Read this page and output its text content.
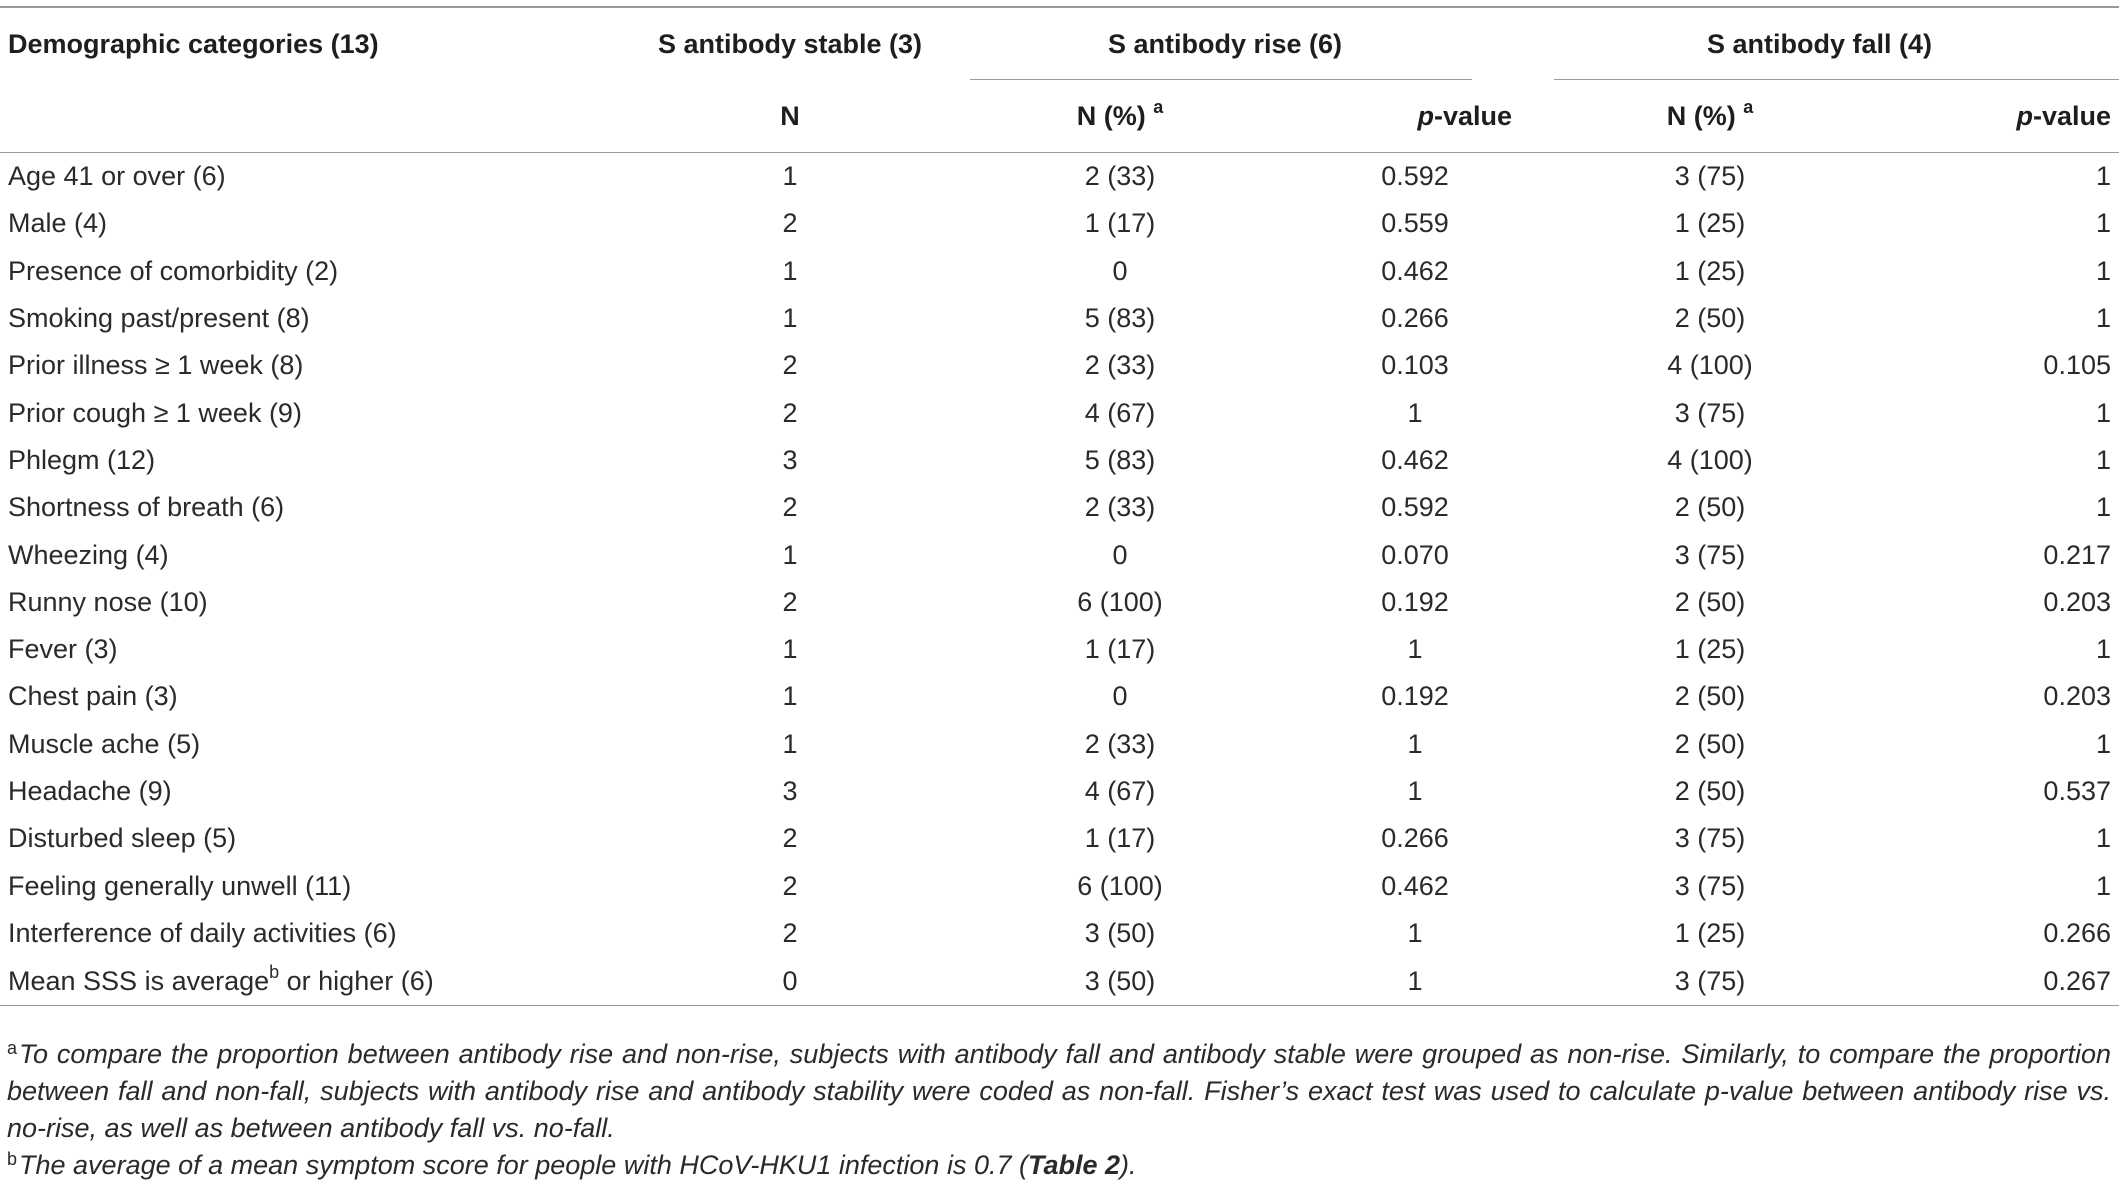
Demographic categories (13)	S antibody stable (3)	S antibody rise (6)		S antibody fall (4)	

	N	N (%) $^a$	p-value	N (%) $^a$	p-value
Age 41 or over (6)	1	2 (33)	0.592	3 (75)	1
Male (4)	2	1 (17)	0.559	1 (25)	1
Presence of comorbidity (2)	1	0	0.462	1 (25)	1
Smoking past/present (8)	1	5 (83)	0.266	2 (50)	1
Prior illness ≥ 1 week (8)	2	2 (33)	0.103	4 (100)	0.105
Prior cough ≥ 1 week (9)	2	4 (67)	1	3 (75)	1
Phlegm (12)	3	5 (83)	0.462	4 (100)	1
Shortness of breath (6)	2	2 (33)	0.592	2 (50)	1
Wheezing (4)	1	0	0.070	3 (75)	0.217
Runny nose (10)	2	6 (100)	0.192	2 (50)	0.203
Fever (3)	1	1 (17)	1	1 (25)	1
Chest pain (3)	1	0	0.192	2 (50)	0.203
Muscle ache (5)	1	2 (33)	1	2 (50)	1
Headache (9)	3	4 (67)	1	2 (50)	0.537
Disturbed sleep (5)	2	1 (17)	0.266	3 (75)	1
Feeling generally unwell (11)	2	6 (100)	0.462	3 (75)	1
Interference of daily activities (6)	2	3 (50)	1	1 (25)	0.266
Mean SSS is average$^b$ or higher (6)	0	3 (50)	1	3 (75)	0.267

$^a$To compare the proportion between antibody rise and non-rise, subjects with antibody fall and antibody stable were grouped as non-rise. Similarly, to compare the proportion between fall and non-fall, subjects with antibody rise and antibody stability were coded as non-fall. Fisher’s exact test was used to calculate p-value between antibody rise vs. no-rise, as well as between antibody fall vs. no-fall.

$^b$The average of a mean symptom score for people with HCoV-HKU1 infection is 0.7 (Table 2).
